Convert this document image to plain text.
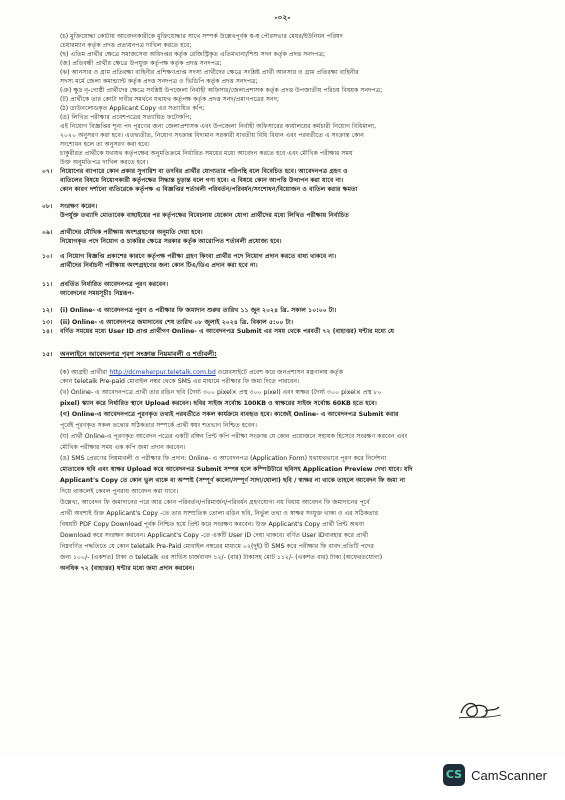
-০২-
(চ) মুক্তিযোদ্ধা কোটায় আবেদনকারীকে মুক্তিযোদ্ধার সাথে সম্পর্ক উল্লেখপূর্বক স্ব-স্ব পৌরসভার মেয়র/ইউনিয়ন পরিষদ
চেয়ারম্যান কর্তৃক প্রদত্ত প্রত্যয়নপত্র দাখিল করতে হবে;
(ছ) এতিম প্রার্থীর ক্ষেত্রে সমাজসেবা অধিদপ্তর কর্তৃক রেজিস্ট্রিকৃত এতিমখানা/শিশু সদন কর্তৃক প্রদত্ত সনদপত্র;
(জ) প্রতিবন্ধী প্রার্থীর ক্ষেত্রে উপযুক্ত কর্তৃপক্ষ কর্তৃক প্রদত্ত সনদপত্র;
(ঝ) আনসার ও গ্রাম প্রতিরক্ষা বাহিনীর প্রশিক্ষণপ্রাপ্ত সদস্য প্রার্থীদের ক্ষেত্রে সংশ্লিষ্ট প্রার্থী আনসার ও গ্রাম প্রতিরক্ষা বাহিনীর
সদস্য মর্মে জেলা কমান্ড্যান্ট কর্তৃক প্রদত্ত সনদপত্র ও ভিডিপি কর্তৃক প্রদত্ত সনদপত্র;
(ঞ) ক্ষুদ্র নৃ-গোষ্ঠী প্রার্থীদের ক্ষেত্রে সংশ্লিষ্ট উপজেলা নির্বাহী অফিসার/জেলাপ্রশাসক কর্তৃক প্রদত্ত উপজাতীয় পরিচয় বিষয়ক সনদপত্র;
(ট) প্রার্থীকে তার কোটা দাবীর সমর্থনে যথাযথ কর্তৃপক্ষ কর্তৃক প্রদত্ত সনদ/প্রমাণপত্রের সনদ;
(ঠ) ডাউনলোডকৃত Applicant Copy এর সত্যায়িত কপি;
(ড) লিখিত পরীক্ষার প্রবেশপত্রের সত্যায়িত ফটোকপি;
এই নিয়োগ বিজ্ঞপ্তির শূন্য পদ পূরণের জন্য জেলাপ্রশাসক এবং উপজেলা নির্বাহী অফিসারের কার্যালয়ের কর্মচারী নিয়োগ বিধিমালা,
২০২০ অনুসরণ করা হবে। এতদ্ব্যতীত, নিয়োগ সংক্রান্ত বিদ্যমান সরকারী যাবতীয় বিধি বিধান এবং পরবর্তীতে এ সংক্রান্ত কোন
সংশোধন হলে তা অনুসরণ করা হবে।
চাকুরীরত প্রার্থীকে যথাযথ কর্তৃপক্ষের অনুমতিক্রমে নির্ধারিত সময়ের মধ্যে আবেদন করতে হবে এবং মৌখিক পরীক্ষার সময়
উক্ত অনুমতিপত্র দাখিল করতে হবে।
০৭। নিয়োগের ব্যাপারে কোন প্রকার সুপারিশ বা তদবির প্রার্থীর যোগ্যতার পরিপন্থি বলে বিবেচিত হবে। আবেদনপত্র গ্রহণ ও
বাতিলের বিষয়ে নিয়োগকারী কর্তৃপক্ষের সিদ্ধান্ত চূড়ান্ত বলে গণ্য হবে। এ বিষয়ে কোন আপত্তি উত্থাপন করা যাবে না।
কোন কারণ দর্শানো ব্যতিরেকে কর্তৃপক্ষ এ বিজ্ঞপ্তির শর্তাবলী পরিবর্তন/পরিবর্ধন/সংশোধন/বিয়োজন ও বাতিল করার ক্ষমতা
০৮। সংরক্ষণ করেন।
উপর্যুক্ত তথ্যাদি মোতাবেক বাছাইয়ের পর কর্তৃপক্ষের বিবেচনায় যেকোন যোগ্য প্রার্থীদের মধ্যে লিখিত পরীক্ষায় নির্বাচিত
০৯। প্রার্থীদের মৌখিক পরীক্ষায় অংশগ্রহণের অনুমতি দেয়া হবে।
নিয়োগকৃত পদে নিয়োগ ও চাকরির ক্ষেত্রে সরকার কর্তৃক আরোপিত শর্তাবলী প্রযোজ্য হবে।
১০। এ নিয়োগ বিজ্ঞপ্তি প্রকাশের কারণে কর্তৃপক্ষ পরীক্ষা গ্রহণ কিংবা প্রার্থীর পদে নিয়োগ প্রদান করতে বাধ্য থাকবে না।
প্রার্থীদের নির্বাচনী পরীক্ষায় অংশগ্রহণের জন্য কোন টিএ/ডিএ প্রদান করা হবে না।
১১। প্রবর্তিত নির্ধারিত আবেদনপত্র পূরণ করবেন।
আবেদনের সময়সূচীঃ নিম্নরূপ-
১২। (i) Online- এ আবেদনপত্র পূরণ ও পরীক্ষার ফি জমাদান শুরুর তারিখ ১১ জুন ২০২৪ খ্রি. সকাল ১০:০০ টা।
১৩। (ii) Online- এ আবেদনপত্র জমাদানের শেষ তারিখ ০৮ জুলাই ২০২৪ খ্রি. বিকাল ৫:০০ টা।
১৪। বর্ণিত সময়ের মধ্যে User ID প্রাপ্ত প্রার্থীগণ Online- এ আবেদনপত্র Submit এর সময় থেকে পরবর্তী ৭২ (বাহাত্তর) ঘন্টার মধ্যে যে
১৫। অনলাইনে আবেদনপত্র পূরণ সংক্রান্ত নিয়মাবলী ও শর্তাবলী:
(ক) আগ্রহী প্রার্থীরা http://dcmeherpur.teletalk.com.bd ওয়েবসাইটে প্রবেশ করে জনপ্রশাসন মন্ত্রণালয় কর্তৃক
কোন teletalk Pre-paid মোবাইল নম্বর থেকে SMS এর মাধ্যমে পরীক্ষার ফি জমা দিতে পারবেন।
(খ) Online- এ আবেদনপত্রে প্রার্থী তার রঙিন ছবি (দৈর্ঘ্য ৩০০ pixel× প্রস্থ ৩০০ pixel) এবং স্বাক্ষর (দৈর্ঘ্য ৩০০ pixel× প্রস্থ ৮০
pixel) স্ক্যান করে নির্ধারিত স্থানে Upload করবেন। ছবির সাইজ সর্বোচ্চ 100KB ও স্বাক্ষরের সাইজ সর্বোচ্চ 60KB হতে হবে।
(গ) Online-এ আবেদনপত্রে পূরণকৃত তথ্যই পরবর্তীতে সকল কার্যক্রমে ব্যবহৃত হবে। কাজেই Online- এ আবেদনপত্র Submit করার
পূর্বেই পূরণকৃত সকল তথ্যের সঠিকতার সম্পর্কে প্রার্থী স্বয়ং শতভাগ নিশ্চিত হবেন।
(ঘ) প্রার্থী Online-এ পূরণকৃত আবেদন পত্রের একটি রঙ্গিন প্রিন্ট কপি পরীক্ষা সংক্রান্ত যে কোন প্রয়োজনে সহায়ক হিসেবে সংরক্ষণ করবেন এবং
মৌখিক পরীক্ষার সময় এক কপি জমা প্রদান করবেন।
(ঙ) SMS প্রেরণের নিয়মাবলী ও পরীক্ষার ফি প্রদান: Online- এ আবেদনপত্র (Application Form) যথাযথভাবে পূরণ করে নির্দেশনা
মোতাবেক ছবি এবং স্বাক্ষর Upload করে আবেদনপত্র Submit সম্পন্ন হলে কম্পিউটারে ছবিসহ Application Preview দেখা যাবে। যদি
Applicant's Copy তে কোন ভুল থাকে বা অস্পষ্ট (সম্পূর্ণ কালো/সম্পূর্ণ সাদা/ঘোলা) ছবি / স্বাক্ষর না থাকে তাহলে আবেদন ফি জমা না
দিয়ে থাকলেই কেবল পুনরায় আবেদন করা যাবে।
উল্লেখ্য, আবেদন ফি জমাদানের পরে আর কোন পরিবর্তন/পরিমার্জন/পরিবর্ধন গ্রহণযোগ্য নয় বিধায় আবেদন ফি জমাদানের পূর্বে
প্রার্থী অবশ্যই উক্ত Applicant's Copy -তে তার সাম্প্রতিক তোলা রঙিন ছবি, নির্ভুল তথ্য ও স্বাক্ষর সংযুক্ত থাকা ও এর সঠিকতার
বিষয়টি PDF Copy Download পূর্বক নিশ্চিত হয়ে প্রিন্ট করে সংরক্ষণ করবেন। উক্ত Applicant's Copy প্রার্থী প্রিন্ট অথবা
Download করে সংরক্ষণ করবেন। Applicant's Copy -তে একটি User ID দেয়া থাকবে। বর্ণিত User IDব্যবহার করে প্রার্থী
নিম্নবর্ণিত পদ্ধতিতে যে কোন teletalk Pre-Paid মোবাইল নম্বরের মাধ্যমে ০২(দুই) টি SMS করে পরীক্ষার ফি বাবদ প্রতিটি পদের
জন্য ১০০/- (একশত) টাকা ও teletalk এর সার্ভিস চার্জবাবদ ১২/- (বার) টাকাসহ মোট ১১২/- (একশত বার) টাকা (অফেরতযোগ্য)
অনধিক ৭২ (বাহাত্তর) ঘন্টার মধ্যে জমা প্রদান করবেন।
CS CamScanner
